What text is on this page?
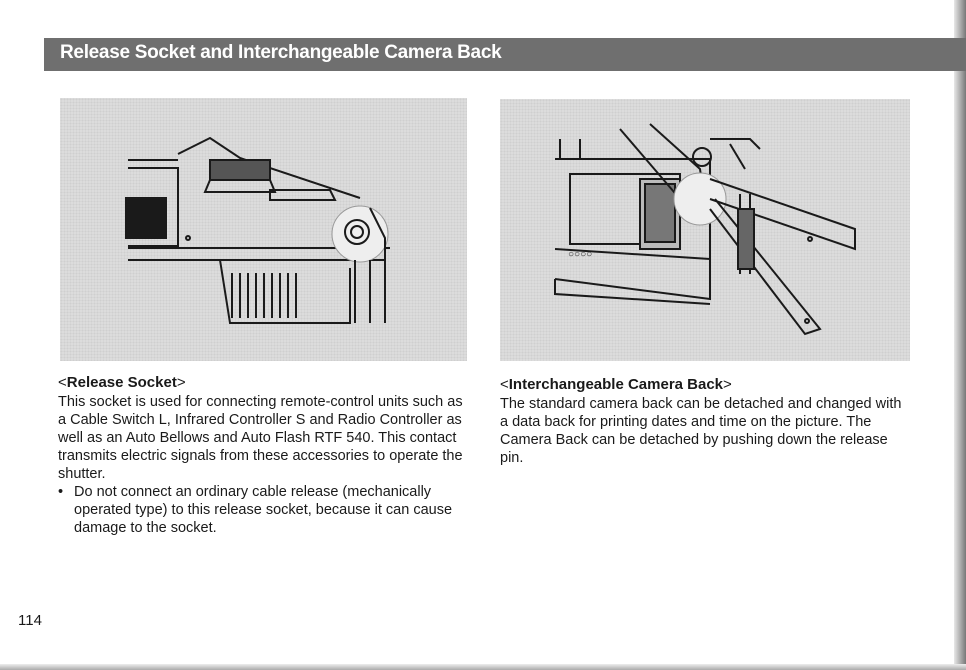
Release Socket and Interchangeable Camera Back
○○○○
<Release Socket>

This socket is used for connecting remote-control units such as a Cable Switch L, Infrared Controller S and Radio Controller as well as an Auto Bellows and Auto Flash RTF 540. This contact transmits electric signals from these accessories to operate the shutter.

• Do not connect an ordinary cable release (mechanically operated type) to this release socket, because it can cause damage to the socket.

<Interchangeable Camera Back>

The standard camera back can be detached and changed with a data back for printing dates and time on the picture. The Camera Back can be detached by pushing down the release pin.

114
